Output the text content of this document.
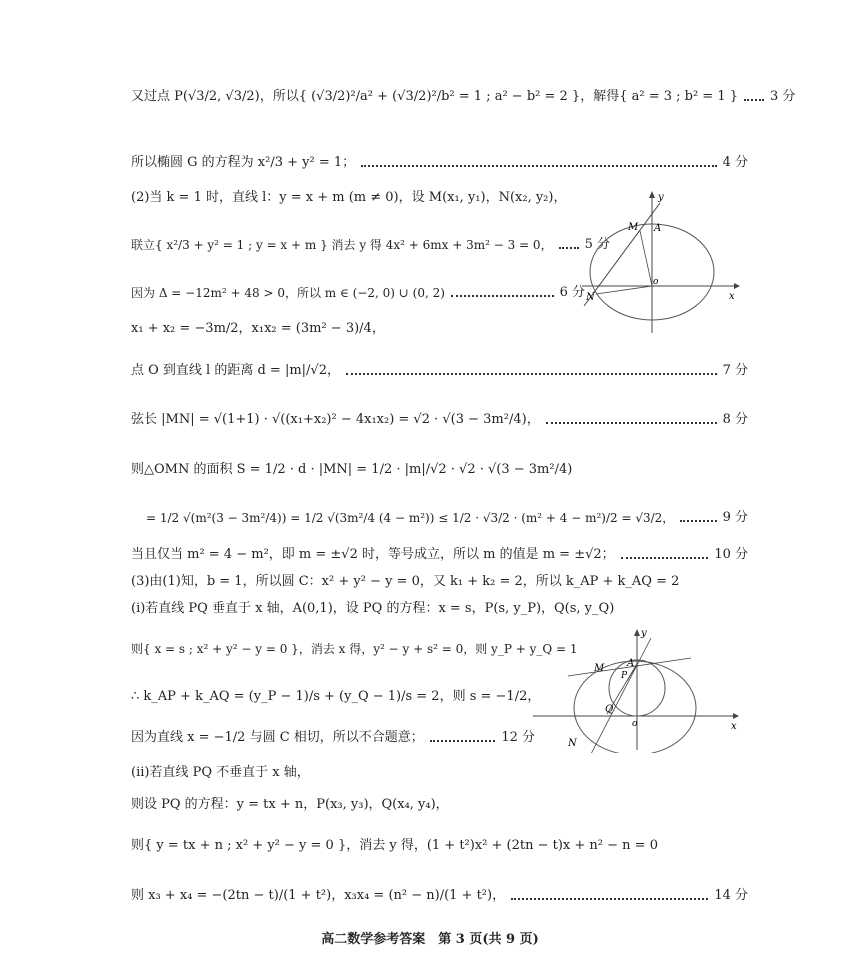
又过点 P(√3/2, √3/2)，所以{ (√3/2)²/a² + (√3/2)²/b² = 1 ; a² − b² = 2 }，解得{ a² = 3 ; b² = 1 } 3 分
所以椭圆 G 的方程为 x²/3 + y² = 1；	4 分
(2)当 k = 1 时，直线 l：y = x + m (m ≠ 0)，设 M(x₁, y₁)，N(x₂, y₂)，
联立{ x²/3 + y² = 1 ; y = x + m } 消去 y 得 4x² + 6mx + 3m² − 3 = 0， 5 分
因为 Δ = −12m² + 48 > 0，所以 m ∈ (−2, 0) ∪ (0, 2)	6 分
x₁ + x₂ = −3m/2，x₁x₂ = (3m² − 3)/4，
点 O 到直线 l 的距离 d = |m|/√2，	7 分
弦长 |MN| = √(1+1) · √((x₁+x₂)² − 4x₁x₂) = √2 · √(3 − 3m²/4)，	8 分
则△OMN 的面积 S = 1/2 · d · |MN| = 1/2 · |m|/√2 · √2 · √(3 − 3m²/4)
= 1/2 √(m²(3 − 3m²/4)) = 1/2 √(3m²/4 (4 − m²)) ≤ 1/2 · √3/2 · (m² + 4 − m²)/2 = √3/2，	9 分
当且仅当 m² = 4 − m²，即 m = ±√2 时，等号成立，所以 m 的值是 m = ±√2；	10 分
(3)由(1)知，b = 1，所以圆 C：x² + y² − y = 0，又 k₁ + k₂ = 2，所以 k_AP + k_AQ = 2
(ⅰ)若直线 PQ 垂直于 x 轴，A(0,1)，设 PQ 的方程：x = s，P(s, y_P)，Q(s, y_Q)
则{ x = s ; x² + y² − y = 0 }，消去 x 得，y² − y + s² = 0，则 y_P + y_Q = 1
∴ k_AP + k_AQ = (y_P − 1)/s + (y_Q − 1)/s = 2，则 s = −1/2，
因为直线 x = −1/2 与圆 C 相切，所以不合题意；	12 分
(ⅱ)若直线 PQ 不垂直于 x 轴，
则设 PQ 的方程：y = tx + n，P(x₃, y₃)，Q(x₄, y₄)，
则{ y = tx + n ; x² + y² − y = 0 }，消去 y 得，(1 + t²)x² + (2tn − t)x + n² − n = 0
则 x₃ + x₄ = −(2tn − t)/(1 + t²)，x₃x₄ = (n² − n)/(1 + t²)，	14 分
y
x
M A
o
N
y
x
M A
P
Q
o
N
高二数学参考答案　第 3 页(共 9 页)
